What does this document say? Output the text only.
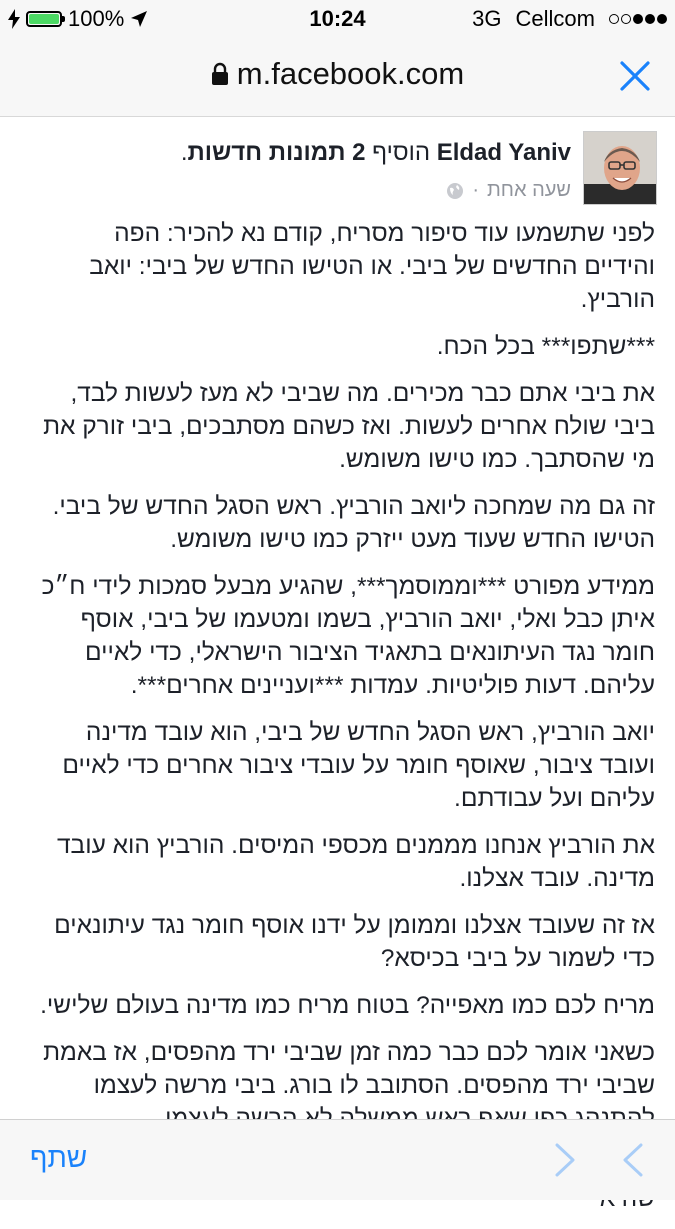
100%	10:24	3G Cellcom
m.facebook.com
Eldad Yaniv הוסיף 2 תמונות חדשות.
שעה אחת
·

לפני שתשמעו עוד סיפור מסריח, קודם נא להכיר: הפה והידיים החדשים של ביבי. או הטישו החדש של ביבי: יואב הורביץ.

***שתפו*** בכל הכח.

את ביבי אתם כבר מכירים. מה שביבי לא מעז לעשות לבד, ביבי שולח אחרים לעשות. ואז כשהם מסתבכים, ביבי זורק את מי שהסתבך. כמו טישו משומש.

זה גם מה שמחכה ליואב הורביץ. ראש הסגל החדש של ביבי. הטישו החדש שעוד מעט ייזרק כמו טישו משומש.

ממידע מפורט ***וממוסמך***, שהגיע מבעל סמכות לידי ח״כ איתן כבל ואלי, יואב הורביץ, בשמו ומטעמו של ביבי, אוסף חומר נגד העיתונאים בתאגיד הציבור הישראלי, כדי לאיים עליהם. דעות פוליטיות. עמדות ***ועניינים אחרים***.

יואב הורביץ, ראש הסגל החדש של ביבי, הוא עובד מדינה ועובד ציבור, שאוסף חומר על עובדי ציבור אחרים כדי לאיים עליהם ועל עבודתם.

את הורביץ אנחנו מממנים מכספי המיסים. הורביץ הוא עובד מדינה. עובד אצלנו.

אז זה שעובד אצלנו וממומן על ידנו אוסף חומר נגד עיתונאים כדי לשמור על ביבי בכיסא?

מריח לכם כמו מאפייה? בטוח מריח כמו מדינה בעולם שלישי.

כשאני אומר לכם כבר כמה זמן שביבי ירד מהפסים, אז באמת שביבי ירד מהפסים. הסתובב לו בורג. ביבי מרשה לעצמו

שתף
